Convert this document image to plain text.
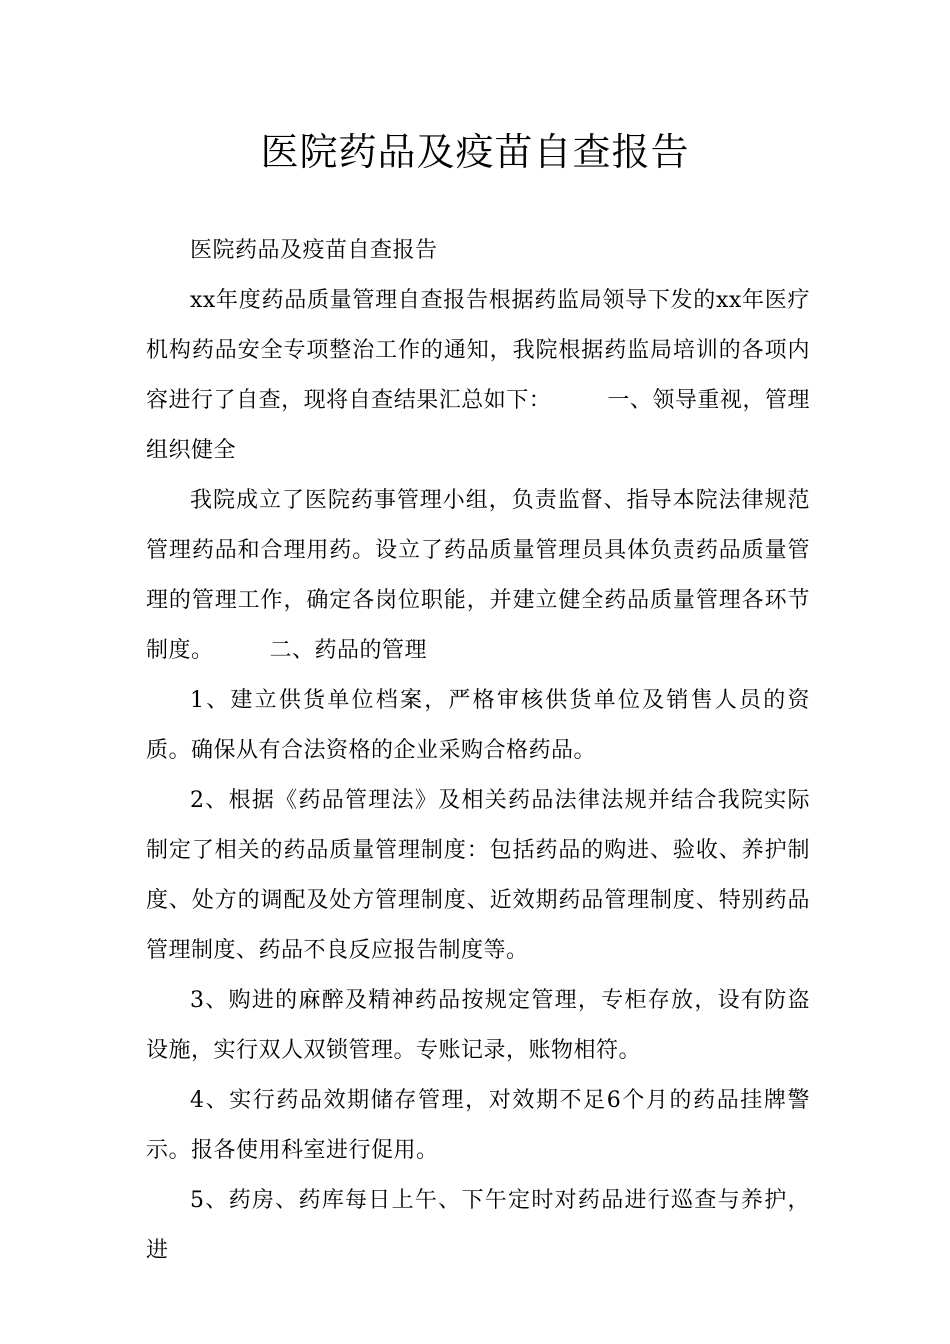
医院药品及疫苗自查报告

医院药品及疫苗自查报告

xx年度药品质量管理自查报告根据药监局领导下发的xx年医疗机构药品安全专项整治工作的通知，我院根据药监局培训的各项内容进行了自查，现将自查结果汇总如下：	一、领导重视，管理组织健全

我院成立了医院药事管理小组，负责监督、指导本院法律规范管理药品和合理用药。设立了药品质量管理员具体负责药品质量管理的管理工作，确定各岗位职能，并建立健全药品质量管理各环节制度。	二、药品的管理

1、建立供货单位档案，严格审核供货单位及销售人员的资质。确保从有合法资格的企业采购合格药品。

2、根据《药品管理法》及相关药品法律法规并结合我院实际制定了相关的药品质量管理制度：包括药品的购进、验收、养护制度、处方的调配及处方管理制度、近效期药品管理制度、特别药品管理制度、药品不良反应报告制度等。

3、购进的麻醉及精神药品按规定管理，专柜存放，设有防盗设施，实行双人双锁管理。专账记录，账物相符。

4、实行药品效期储存管理，对效期不足6个月的药品挂牌警示。报各使用科室进行促用。

5、药房、药库每日上午、下午定时对药品进行巡查与养护，进
